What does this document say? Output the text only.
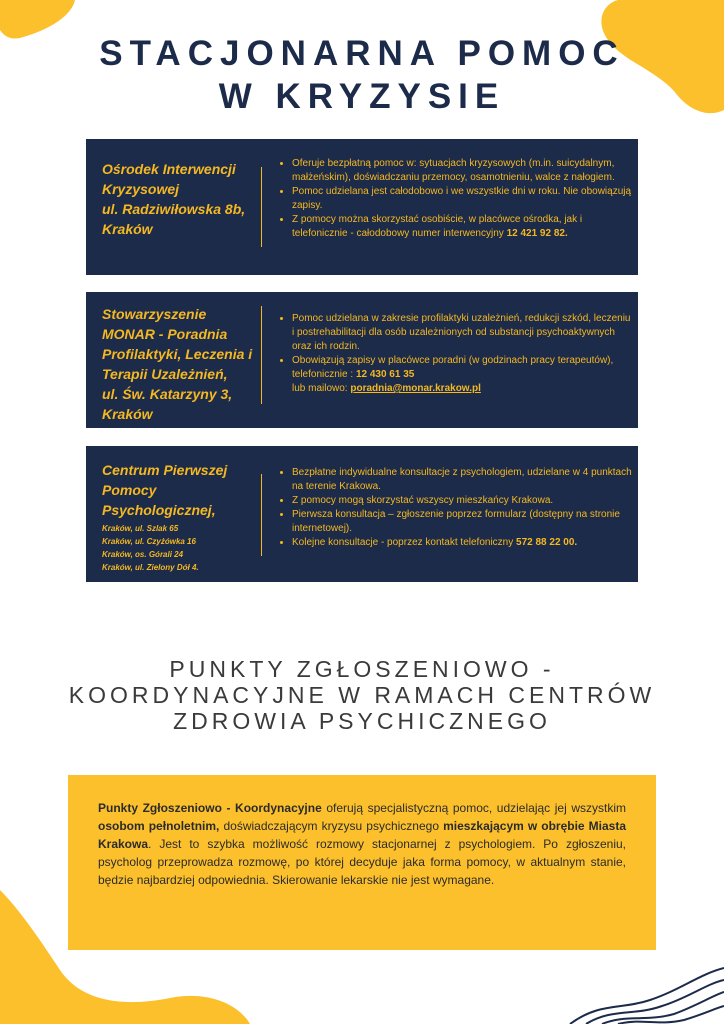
STACJONARNA POMOC
W KRYZYSIE
Ośrodek Interwencji
Kryzysowej
ul. Radziwiłowska 8b,
Kraków
• Oferuje bezpłatną pomoc w: sytuacjach kryzysowych (m.in. suicydalnym, małżeńskim), doświadczaniu przemocy, osamotnieniu, walce z nałogiem.
• Pomoc udzielana jest całodobowo i we wszystkie dni w roku. Nie obowiązują zapisy.
• Z pomocy można skorzystać osobiście, w placówce ośrodka, jak i telefonicznie - całodobowy numer interwencyjny 12 421 92 82.
Stowarzyszenie
MONAR - Poradnia
Profilaktyki, Leczenia i
Terapii Uzależnień,
ul. Św. Katarzyny 3,
Kraków
• Pomoc udzielana w zakresie profilaktyki uzależnień, redukcji szkód, leczeniu i postrehabilitacji dla osób uzależnionych od substancji psychoaktywnych oraz ich rodzin.
• Obowiązują zapisy w placówce poradni (w godzinach pracy terapeutów), telefonicznie : 12 430 61 35
lub mailowo: poradnia@monar.krakow.pl
Centrum Pierwszej
Pomocy Psychologicznej,
Kraków, ul. Szlak 65
Kraków, ul. Czyżówka 16
Kraków, os. Górali 24
Kraków, ul. Zielony Dół 4.
• Bezpłatne indywidualne konsultacje z psychologiem, udzielane w 4 punktach na terenie Krakowa.
• Z pomocy mogą skorzystać wszyscy mieszkańcy Krakowa.
• Pierwsza konsultacja – zgłoszenie poprzez formularz (dostępny na stronie internetowej).
• Kolejne konsultacje - poprzez kontakt telefoniczny 572 88 22 00.
PUNKTY ZGŁOSZENIOWO -
KOORDYNACYJNE W RAMACH CENTRÓW
ZDROWIA PSYCHICZNEGO

Punkty Zgłoszeniowo - Koordynacyjne oferują specjalistyczną pomoc, udzielając jej wszystkim osobom pełnoletnim, doświadczającym kryzysu psychicznego mieszkającym w obrębie Miasta Krakowa. Jest to szybka możliwość rozmowy stacjonarnej z psychologiem. Po zgłoszeniu, psycholog przeprowadza rozmowę, po której decyduje jaka forma pomocy, w aktualnym stanie, będzie najbardziej odpowiednia. Skierowanie lekarskie nie jest wymagane.
